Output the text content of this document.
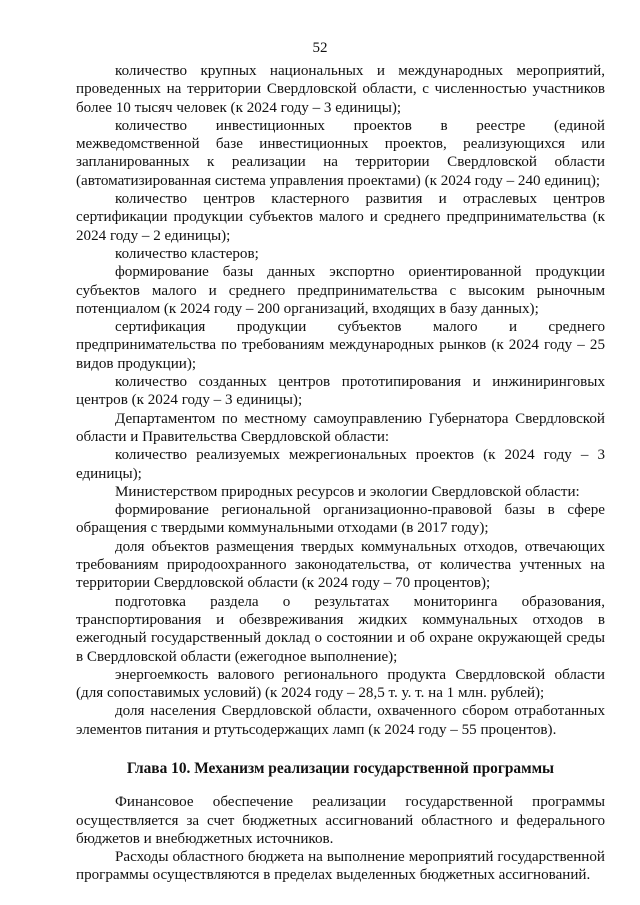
52

количество крупных национальных и международных мероприятий, проведенных на территории Свердловской области, с численностью участников более 10 тысяч человек (к 2024 году – 3 единицы);

количество инвестиционных проектов в реестре (единой межведомственной базе инвестиционных проектов, реализующихся или запланированных к реализации на территории Свердловской области (автоматизированная система управления проектами) (к 2024 году – 240 единиц);

количество центров кластерного развития и отраслевых центров сертификации продукции субъектов малого и среднего предпринимательства (к 2024 году – 2 единицы);

количество кластеров;

формирование базы данных экспортно ориентированной продукции субъектов малого и среднего предпринимательства с высоким рыночным потенциалом (к 2024 году – 200 организаций, входящих в базу данных);

сертификация продукции субъектов малого и среднего предпринимательства по требованиям международных рынков (к 2024 году – 25 видов продукции);

количество созданных центров прототипирования и инжиниринговых центров (к 2024 году – 3 единицы);

Департаментом по местному самоуправлению Губернатора Свердловской области и Правительства Свердловской области:

количество реализуемых межрегиональных проектов (к 2024 году – 3 единицы);

Министерством природных ресурсов и экологии Свердловской области:

формирование региональной организационно-правовой базы в сфере обращения с твердыми коммунальными отходами (в 2017 году);

доля объектов размещения твердых коммунальных отходов, отвечающих требованиям природоохранного законодательства, от количества учтенных на территории Свердловской области (к 2024 году – 70 процентов);

подготовка раздела о результатах мониторинга образования, транспортирования и обезвреживания жидких коммунальных отходов в ежегодный государственный доклад о состоянии и об охране окружающей среды в Свердловской области (ежегодное выполнение);

энергоемкость валового регионального продукта Свердловской области (для сопоставимых условий) (к 2024 году – 28,5 т. у. т. на 1 млн. рублей);

доля населения Свердловской области, охваченного сбором отработанных элементов питания и ртутьсодержащих ламп (к 2024 году – 55 процентов).

Глава 10. Механизм реализации государственной программы

Финансовое обеспечение реализации государственной программы осуществляется за счет бюджетных ассигнований областного и федерального бюджетов и внебюджетных источников.

Расходы областного бюджета на выполнение мероприятий государственной программы осуществляются в пределах выделенных бюджетных ассигнований.
